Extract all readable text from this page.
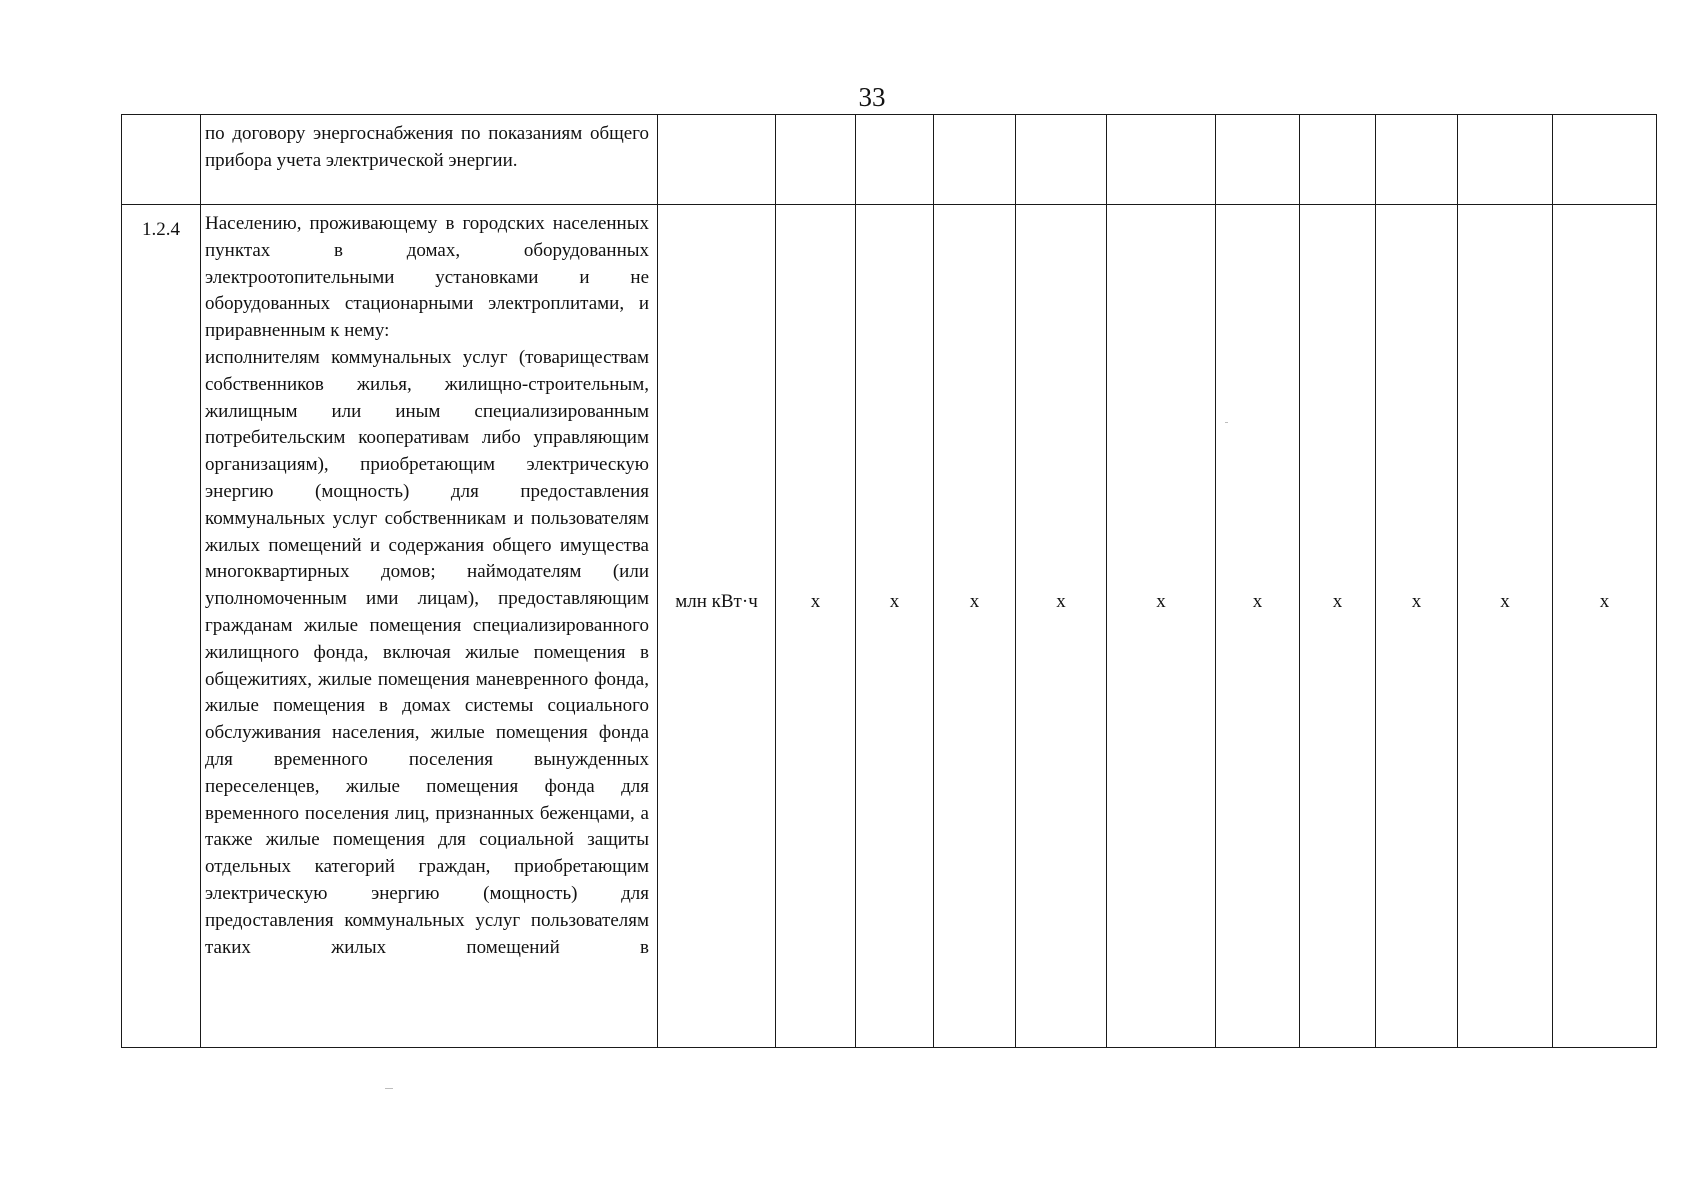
33

	по договору энергоснабжения по показаниям общего прибора учета электрической энергии.											

1.2.4	Населению, проживающему в городских населенных пунктах в домах, оборудованных электроотопительными установками и не оборудованных стационарными электроплитами, и приравненным к нему:

исполнителям коммунальных услуг (товариществам собственников жилья, жилищно-строительным, жилищным или иным специализированным потребительским кооперативам либо управляющим организациям), приобретающим электрическую энергию (мощность) для предоставления коммунальных услуг собственникам и пользователям жилых помещений и содержания общего имущества многоквартирных домов; наймодателям (или уполномоченным ими лицам), предоставляющим гражданам жилые помещения специализированного жилищного фонда, включая жилые помещения в общежитиях, жилые помещения маневренного фонда, жилые помещения в домах системы социального обслуживания населения, жилые помещения фонда для временного поселения вынужденных переселенцев, жилые помещения фонда для временного поселения лиц, признанных беженцами, а также жилые помещения для социальной защиты отдельных категорий граждан, приобретающим электрическую энергию (мощность) для предоставления коммунальных услуг пользователям таких жилых помещений в	млн кВт·ч	x	x	x	x	x	x	x	x	x	x
